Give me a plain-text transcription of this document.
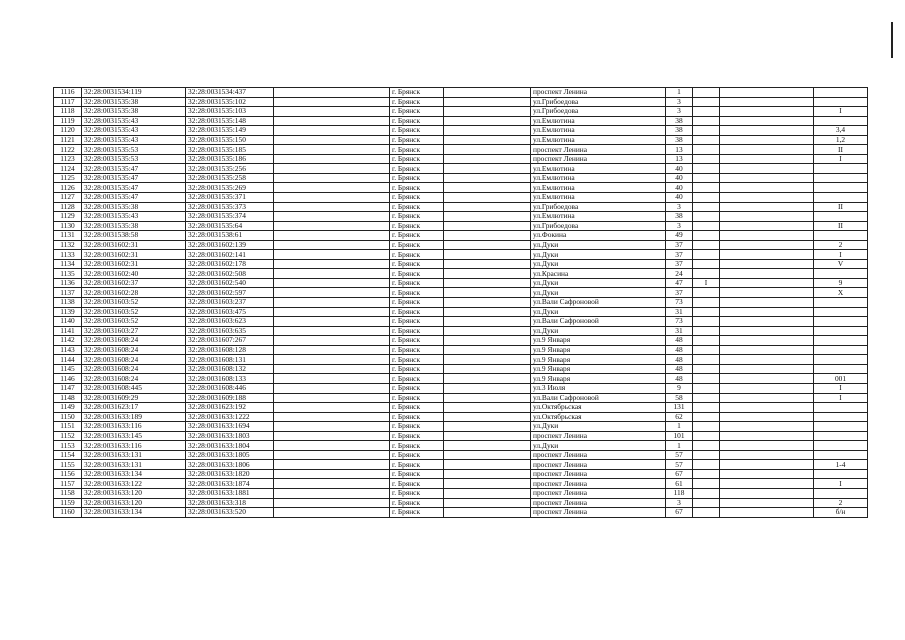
1116	32:28:0031534:119	32:28:0031534:437		г. Брянск		проспект Ленина	1			
1117	32:28:0031535:38	32:28:0031535:102		г. Брянск		ул.Грибоедова	3			
1118	32:28:0031535:38	32:28:0031535:103		г. Брянск		ул.Грибоедова	3			I
1119	32:28:0031535:43	32:28:0031535:148		г. Брянск		ул.Емлютина	38			
1120	32:28:0031535:43	32:28:0031535:149		г. Брянск		ул.Емлютина	38			3,4
1121	32:28:0031535:43	32:28:0031535:150		г. Брянск		ул.Емлютина	38			1,2
1122	32:28:0031535:53	32:28:0031535:185		г. Брянск		проспект Ленина	13			II
1123	32:28:0031535:53	32:28:0031535:186		г. Брянск		проспект Ленина	13			I
1124	32:28:0031535:47	32:28:0031535:256		г. Брянск		ул.Емлютина	40			
1125	32:28:0031535:47	32:28:0031535:258		г. Брянск		ул.Емлютина	40			
1126	32:28:0031535:47	32:28:0031535:269		г. Брянск		ул.Емлютина	40			
1127	32:28:0031535:47	32:28:0031535:371		г. Брянск		ул.Емлютина	40			
1128	32:28:0031535:38	32:28:0031535:373		г. Брянск		ул.Грибоедова	3			II
1129	32:28:0031535:43	32:28:0031535:374		г. Брянск		ул.Емлютина	38			
1130	32:28:0031535:38	32:28:0031535:64		г. Брянск		ул.Грибоедова	3			II
1131	32:28:0031538:58	32:28:0031538:61		г. Брянск		ул.Фокина	49			
1132	32:28:0031602:31	32:28:0031602:139		г. Брянск		ул.Дуки	37			2
1133	32:28:0031602:31	32:28:0031602:141		г. Брянск		ул.Дуки	37			I
1134	32:28:0031602:31	32:28:0031602:178		г. Брянск		ул.Дуки	37			V
1135	32:28:0031602:40	32:28:0031602:508		г. Брянск		ул.Красина	24			
1136	32:28:0031602:37	32:28:0031602:540		г. Брянск		ул.Дуки	47	I		9
1137	32:28:0031602:28	32:28:0031602:597		г. Брянск		ул.Дуки	37			X
1138	32:28:0031603:52	32:28:0031603:237		г. Брянск		ул.Вали Сафроновой	73			
1139	32:28:0031603:52	32:28:0031603:475		г. Брянск		ул.Дуки	31			
1140	32:28:0031603:52	32:28:0031603:623		г. Брянск		ул.Вали Сафроновой	73			
1141	32:28:0031603:27	32:28:0031603:635		г. Брянск		ул.Дуки	31			
1142	32:28:0031608:24	32:28:0031607:267		г. Брянск		ул.9 Января	48			
1143	32:28:0031608:24	32:28:0031608:128		г. Брянск		ул.9 Января	48			
1144	32:28:0031608:24	32:28:0031608:131		г. Брянск		ул.9 Января	48			
1145	32:28:0031608:24	32:28:0031608:132		г. Брянск		ул.9 Января	48			
1146	32:28:0031608:24	32:28:0031608:133		г. Брянск		ул.9 Января	48			001
1147	32:28:0031608:445	32:28:0031608:446		г. Брянск		ул.3 Июля	9			I
1148	32:28:0031609:29	32:28:0031609:188		г. Брянск		ул.Вали Сафроновой	58			I
1149	32:28:0031623:17	32:28:0031623:192		г. Брянск		ул.Октябрьская	131			
1150	32:28:0031633:189	32:28:0031633:1222		г. Брянск		ул.Октябрьская	62			
1151	32:28:0031633:116	32:28:0031633:1694		г. Брянск		ул.Дуки	1			
1152	32:28:0031633:145	32:28:0031633:1803		г. Брянск		проспект Ленина	101			
1153	32:28:0031633:116	32:28:0031633:1804		г. Брянск		ул.Дуки	1			
1154	32:28:0031633:131	32:28:0031633:1805		г. Брянск		проспект Ленина	57			
1155	32:28:0031633:131	32:28:0031633:1806		г. Брянск		проспект Ленина	57			1-4
1156	32:28:0031633:134	32:28:0031633:1820		г. Брянск		проспект Ленина	67			
1157	32:28:0031633:122	32:28:0031633:1874		г. Брянск		проспект Ленина	61			I
1158	32:28:0031633:120	32:28:0031633:1881		г. Брянск		проспект Ленина	118			
1159	32:28:0031633:120	32:28:0031633:318		г. Брянск		проспект Ленина	3			2
1160	32:28:0031633:134	32:28:0031633:520		г. Брянск		проспект Ленина	67			б/н
